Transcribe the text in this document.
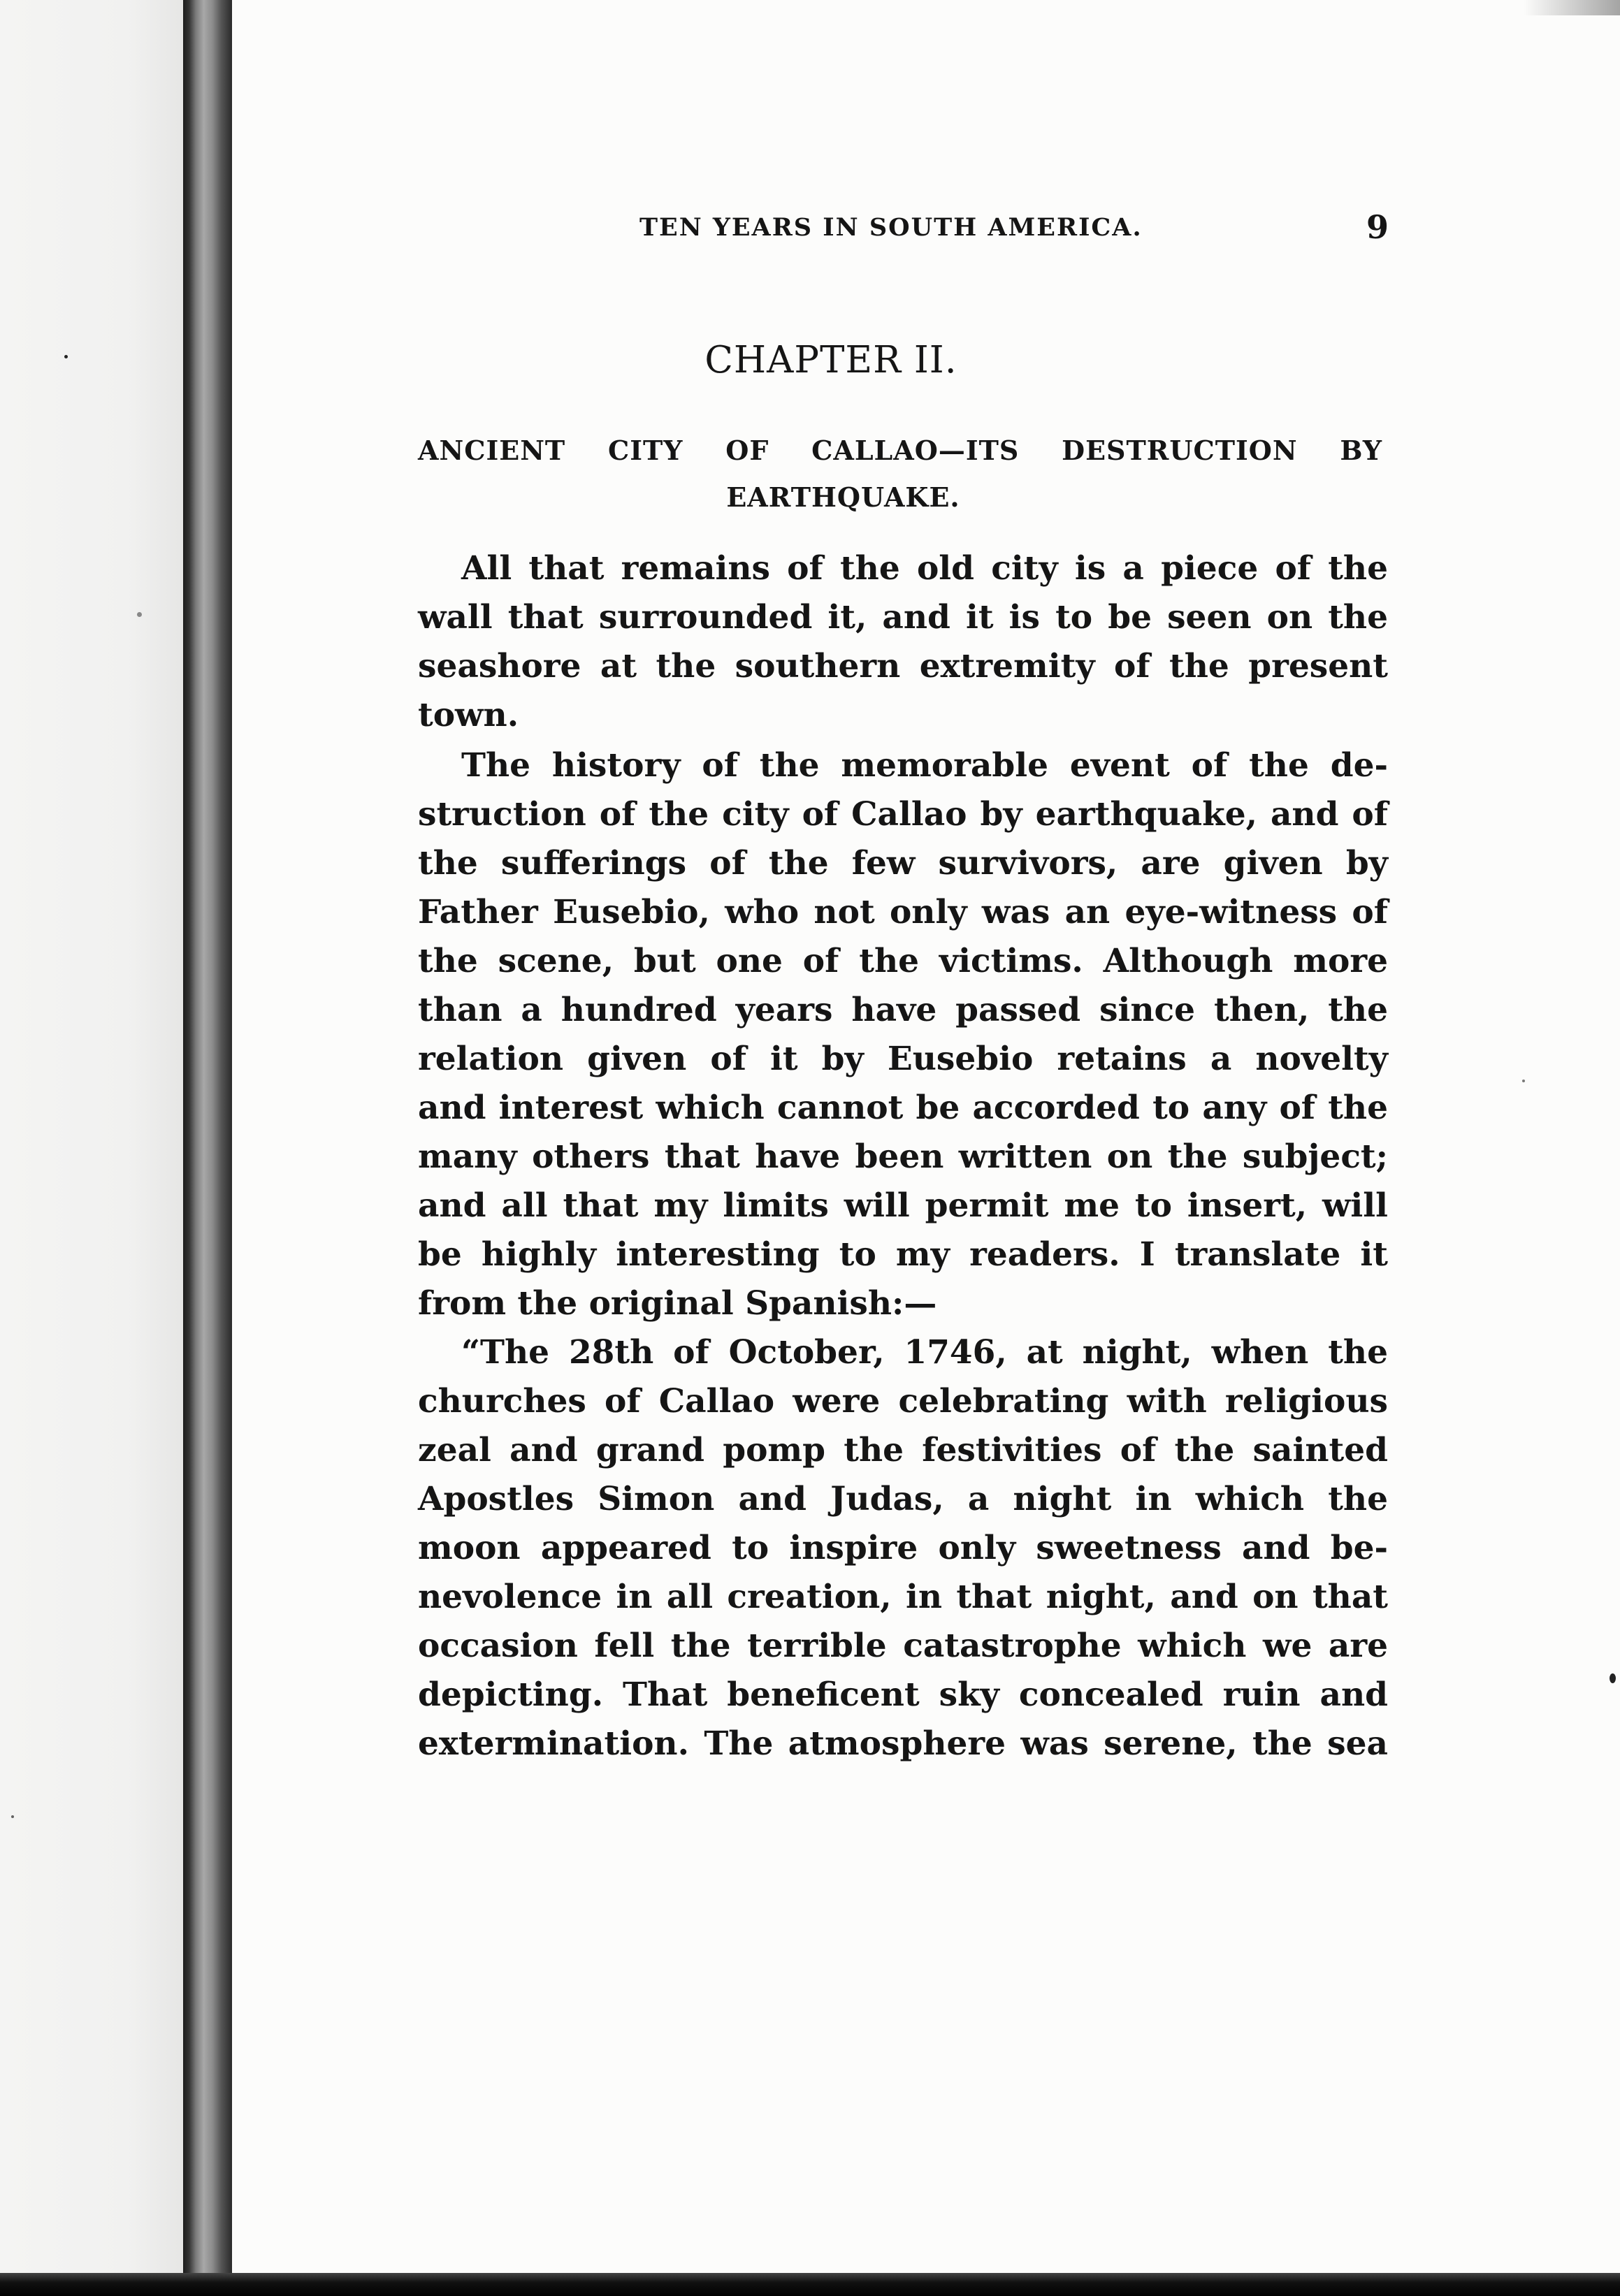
TEN YEARS IN SOUTH AMERICA.	9

CHAPTER II.

ANCIENT CITY OF CALLAO—ITS DESTRUCTION BY

EARTHQUAKE.

All that remains of the old city is a piece of the

wall that surrounded it, and it is to be seen on the

seashore at the southern extremity of the present

town.

The history of the memorable event of the de-

struction of the city of Callao by earthquake, and of

the sufferings of the few survivors, are given by

Father Eusebio, who not only was an eye-witness of

the scene, but one of the victims. Although more

than a hundred years have passed since then, the

relation given of it by Eusebio retains a novelty

and interest which cannot be accorded to any of the

many others that have been written on the subject;

and all that my limits will permit me to insert, will

be highly interesting to my readers. I translate it

from the original Spanish:—

“The 28th of October, 1746, at night, when the

churches of Callao were celebrating with religious

zeal and grand pomp the festivities of the sainted

Apostles Simon and Judas, a night in which the

moon appeared to inspire only sweetness and be-

nevolence in all creation, in that night, and on that

occasion fell the terrible catastrophe which we are

depicting. That beneficent sky concealed ruin and

extermination. The atmosphere was serene, the sea
